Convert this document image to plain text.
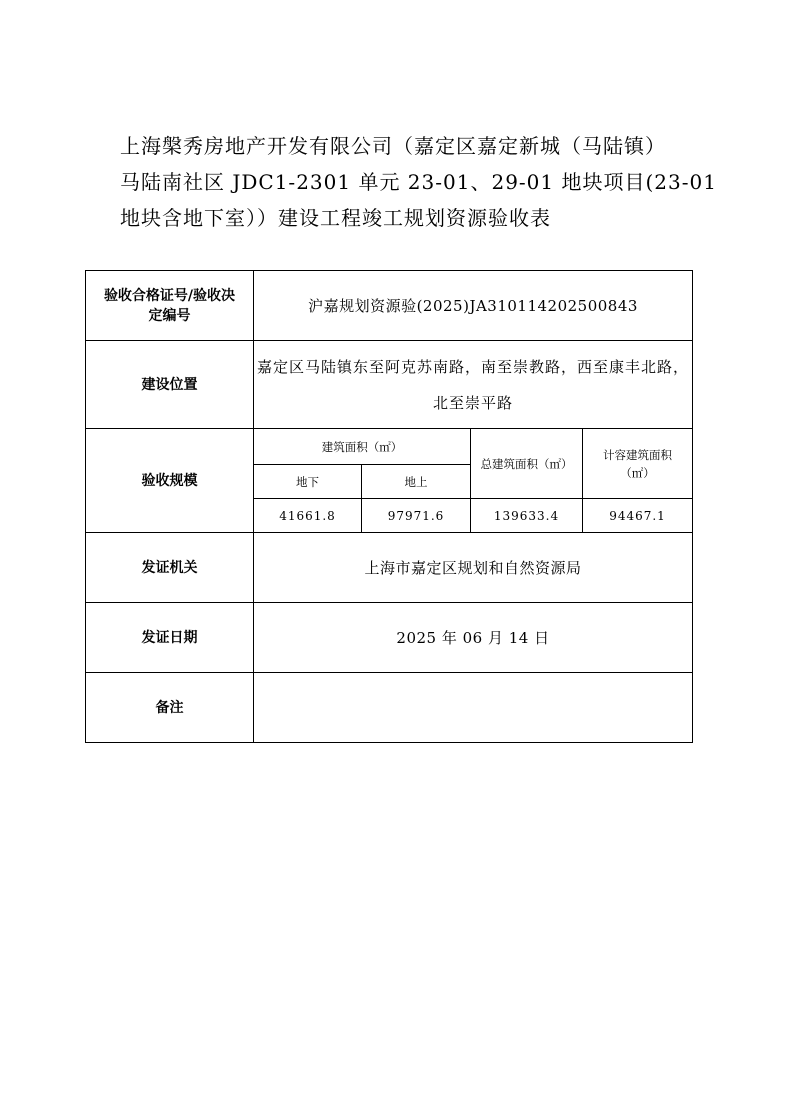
上海槃秀房地产开发有限公司（嘉定区嘉定新城（马陆镇）
马陆南社区 JDC1-2301 单元 23-01、29-01 地块项目(23-01
地块含地下室））建设工程竣工规划资源验收表
验收合格证号/验收决定编号	沪嘉规划资源验(2025)JA310114202500843			
建设位置	嘉定区马陆镇东至阿克苏南路，南至崇教路，西至康丰北路，北至崇平路			
验收规模	建筑面积（㎡）		总建筑面积（㎡）	计容建筑面积（㎡）
	地下	地上		
	41661.8	97971.6	139633.4	94467.1
发证机关	上海市嘉定区规划和自然资源局			
发证日期	2025 年 06 月 14 日			
备注				
